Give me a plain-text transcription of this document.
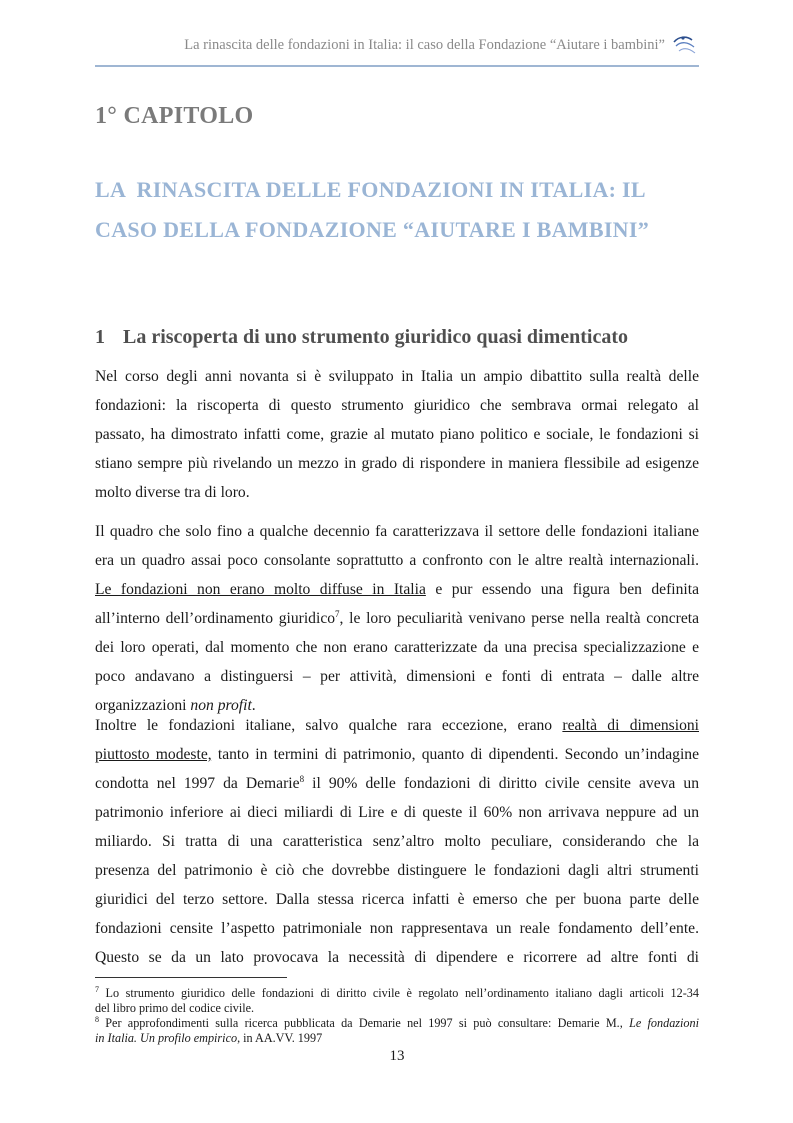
La rinascita delle fondazioni in Italia: il caso della Fondazione “Aiutare i bambini”
1° CAPITOLO
LA  RINASCITA DELLE FONDAZIONI IN ITALIA: IL
CASO DELLA FONDAZIONE “AIUTARE I BAMBINI”
1 La riscoperta di uno strumento giuridico quasi dimenticato
Nel corso degli anni novanta si è sviluppato in Italia un ampio dibattito sulla realtà delle
fondazioni: la riscoperta di questo strumento giuridico che sembrava ormai relegato al
passato, ha dimostrato infatti come, grazie al mutato piano politico e sociale, le fondazioni si
stiano sempre più rivelando un mezzo in grado di rispondere in maniera flessibile ad esigenze
molto diverse tra di loro.
Il quadro che solo fino a qualche decennio fa caratterizzava il settore delle fondazioni italiane
era un quadro assai poco consolante soprattutto a confronto con le altre realtà internazionali.
Le fondazioni non erano molto diffuse in Italia e pur essendo una figura ben definita
all’interno dell’ordinamento giuridico$^7$, le loro peculiarità venivano perse nella realtà concreta
dei loro operati, dal momento che non erano caratterizzate da una precisa specializzazione e
poco andavano a distinguersi – per attività, dimensioni e fonti di entrata – dalle altre
organizzazioni non profit.
Inoltre le fondazioni italiane, salvo qualche rara eccezione, erano realtà di dimensioni
piuttosto modeste, tanto in termini di patrimonio, quanto di dipendenti. Secondo un’indagine
condotta nel 1997 da Demarie$^8$ il 90% delle fondazioni di diritto civile censite aveva un
patrimonio inferiore ai dieci miliardi di Lire e di queste il 60% non arrivava neppure ad un
miliardo. Si tratta di una caratteristica senz’altro molto peculiare, considerando che la
presenza del patrimonio è ciò che dovrebbe distinguere le fondazioni dagli altri strumenti
giuridici del terzo settore. Dalla stessa ricerca infatti è emerso che per buona parte delle
fondazioni censite l’aspetto patrimoniale non rappresentava un reale fondamento dell’ente.
Questo se da un lato provocava la necessità di dipendere e ricorrere ad altre fonti di
$^7$ Lo strumento giuridico delle fondazioni di diritto civile è regolato nell’ordinamento italiano dagli articoli 12-34
del libro primo del codice civile.
$^8$ Per approfondimenti sulla ricerca pubblicata da Demarie nel 1997 si può consultare: Demarie M., Le fondazioni
in Italia. Un profilo empirico, in AA.VV. 1997
13
